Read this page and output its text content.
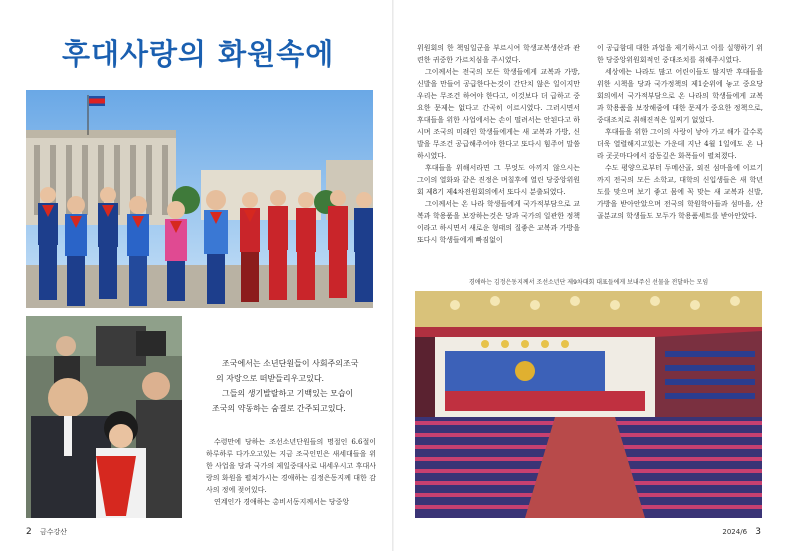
후대사랑의 화원속에
조국에서는 소년단원들이 사회주의조국
의 자랑으로 떠받들리우고있다.
그들의 생기발랄하고 기백있는 모습이
조국의 약동하는 숨결로 간주되고있다.

수령만에 당하는 조선소년단원들의 명절인 6.6절이 하루하루 다가오고있는 지금 조국인민은 새세대들을 위한 사업을 당과 국가의 제일중대사로 내세우시고 후대사랑의 화원을 펼쳐가시는 경애하는 김정은동지께 대한 감사의 정에 젖어있다.

연계인가 경애하는 총비서동지께서는 당중앙

위원회의 한 책임일군을 부르시여 학생교복생산과 관련한 귀중한 가르치심을 주시였다.

그이께서는 전국의 모든 학생들에게 교복과 가방, 신발을 만들어 공급한다는것이 간단치 않은 일이지만 우리는 무조건 하여야 한다고, 이것보다 더 급하고 중요한 문제는 없다고 간곡히 이르시였다. 그러시면서 후대들을 위한 사업에서는 손이 떨려서는 안된다고 하시며 조국의 미래인 학생들에게는 새 교복과 가방, 신발을 무조건 공급해주어야 한다고 또다시 힘주어 말씀하시였다.

후대들을 위해서라면 그 무엇도 아끼지 않으시는 그이의 열화와 같은 진정은 며칠후에 열린 당중앙위원회 제8기 제4차전원회의에서 또다시 분출되였다.

그이께서는 온 나라 학생들에게 국가적부담으로 교복과 학용품을 보장하는것은 당과 국가의 일관한 정책이라고 하시면서 새로운 형태의 질좋은 교복과 가방을 또다시 학생들에게 빠짐없이

이 공급함데 대한 과업을 제기하시고 이를 실행하기 위한 당중앙위원회적인 중대조치를 취해주시였다.

세상에는 나라도 많고 어린이들도 많지만 후대들을 위한 시책을 당과 국가정책의 제1순위에 놓고 중요당회의에서 국가적부담으로 온 나라의 학생들에게 교복과 학용품을 보장해줌에 대한 문제가 중요한 정책으로, 중대조치로 취해진적은 일찌기 없었다.

후대들을 위한 그이의 사랑이 낳아 가고 해가 갈수록 더욱 열렬해지고있는 가운데 지난 4월 1일에도 온 나라 곳곳마다에서 감동깊은 화폭들이 펼쳐졌다.

수도 평양으로부터 두메산골, 외진 섬마을에 이르기까지 전국의 모든 소학교, 대학의 신입생들은 새 학년도를 맞으며 보기 좋고 몸에 꼭 맞는 새 교복과 신발, 가방을 받아안았으며 전국의 학원학아들과 섬마을, 산골분교의 학생들도 모두가 학용품세트를 받아안았다.

경애하는 김정은동지께서 조선소년단 제9차대회 대표들에게 보내주신 선물을 전달하는 모임
2 금수강산	2024/6 3
